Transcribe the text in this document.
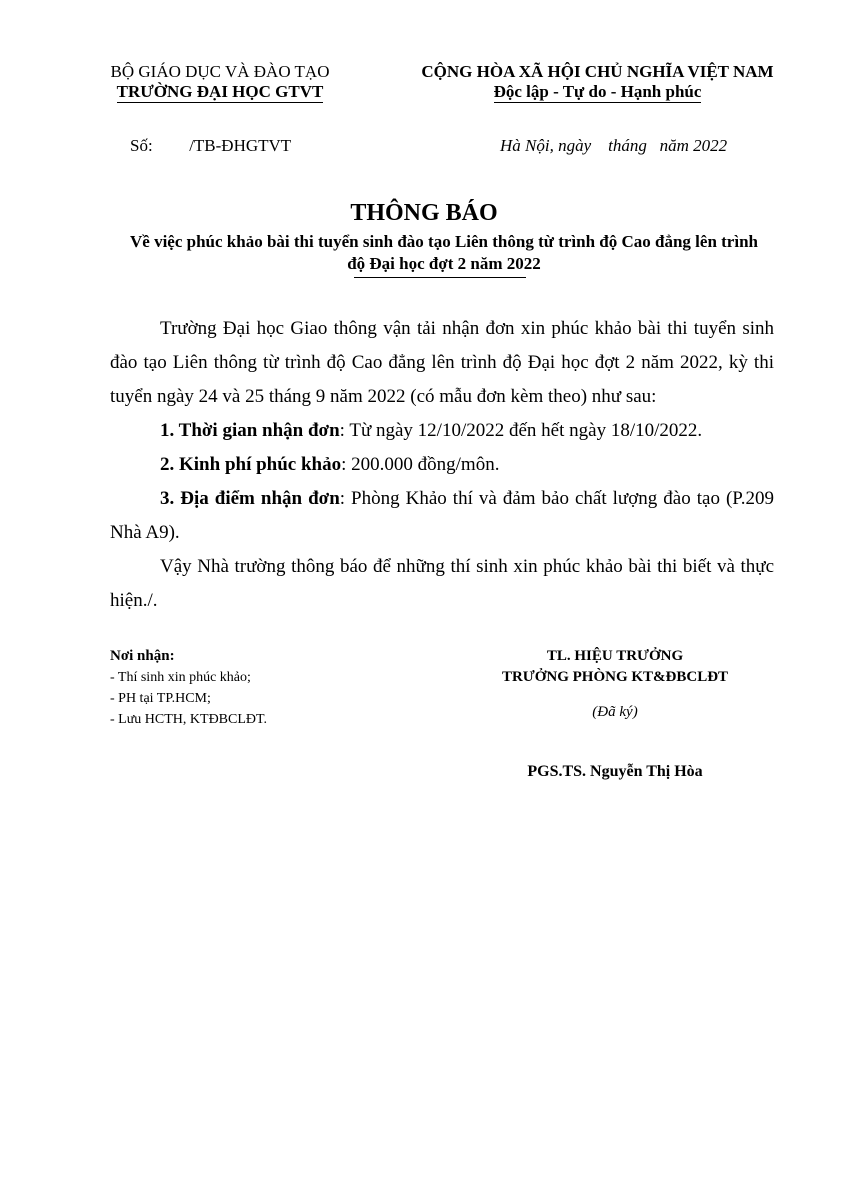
BỘ GIÁO DỤC VÀ ĐÀO TẠO
TRƯỜNG ĐẠI HỌC GTVT
CỘNG HÒA XÃ HỘI CHỦ NGHĨA VIỆT NAM
Độc lập - Tự do - Hạnh phúc
Số: /TB-ĐHGTVT	Hà Nội, ngày    tháng   năm 2022
THÔNG BÁO
Về việc phúc khảo bài thi tuyển sinh đào tạo Liên thông từ trình độ Cao đẳng lên trình độ Đại học đợt 2 năm 2022

Trường Đại học Giao thông vận tải nhận đơn xin phúc khảo bài thi tuyển sinh đào tạo Liên thông từ trình độ Cao đẳng lên trình độ Đại học đợt 2 năm 2022, kỳ thi tuyển ngày 24 và 25 tháng 9 năm 2022 (có mẫu đơn kèm theo) như sau:

1. Thời gian nhận đơn: Từ ngày 12/10/2022 đến hết ngày 18/10/2022.

2. Kinh phí phúc khảo: 200.000 đồng/môn.

3. Địa điểm nhận đơn: Phòng Khảo thí và đảm bảo chất lượng đào tạo (P.209 Nhà A9).

Vậy Nhà trường thông báo để những thí sinh xin phúc khảo bài thi biết và thực hiện./.

Nơi nhận:
- Thí sinh xin phúc khảo;
- PH tại TP.HCM;
- Lưu HCTH, KTĐBCLĐT.
TL. HIỆU TRƯỞNG
TRƯỞNG PHÒNG KT&ĐBCLĐT
(Đã ký)
PGS.TS. Nguyễn Thị Hòa
